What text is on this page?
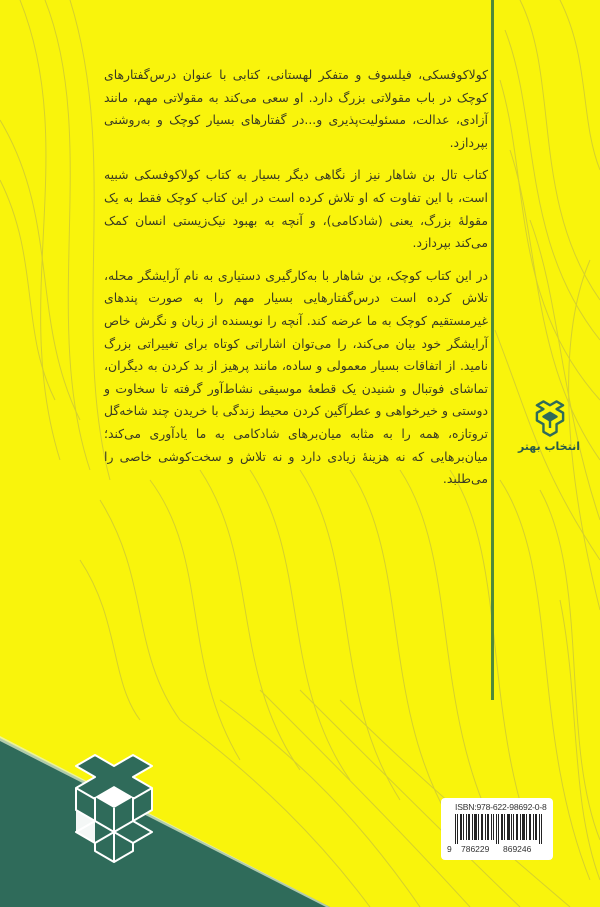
کولاکوفسکی، فیلسوف و متفکر لهستانی، کتابی با عنوان درس‌گفتارهای کوچک در باب مقولاتی بزرگ دارد. او سعی می‌کند به مقولاتی مهم، مانند آزادی، عدالت، مسئولیت‌پذیری و...در گفتارهای بسیار کوچک و به‌روشنی بپردازد.

کتاب تال بن شاهار نیز از نگاهی دیگر بسیار به کتاب کولاکوفسکی شبیه است، با این تفاوت که او تلاش کرده است در این کتاب کوچک فقط به یک مقولهٔ بزرگ، یعنی (شادکامی)، و آنچه به بهبود نیک‌زیستی انسان کمک می‌کند بپردازد.

در این کتاب کوچک، بن شاهار با به‌کارگیری دستیاری به نام آرایشگر محله، تلاش کرده است درس‌گفتارهایی بسیار مهم را به صورت پندهای غیرمستقیم کوچک به ما عرضه کند. آنچه را نویسنده از زبان و نگرش خاص آرایشگر خود بیان می‌کند، را می‌توان اشاراتی کوتاه برای تغییراتی بزرگ نامید. از اتفاقات بسیار معمولی و ساده، مانند پرهیز از بد کردن به دیگران، تماشای فوتبال و شنیدن یک قطعهٔ موسیقی نشاط‌آور گرفته تا سخاوت و دوستی و خیرخواهی و عطرآگین کردن محیط زندگی با خریدن چند شاخه‌گل تروتازه، همه را به مثابه میان‌برهای شادکامی به ما یادآوری می‌کند؛ میان‌برهایی که نه هزینهٔ زیادی دارد و نه تلاش و سخت‌کوشی خاصی را می‌طلبد.

انتخاب بهتر
ISBN:978-622-98692-0-8
9 786229 869246
